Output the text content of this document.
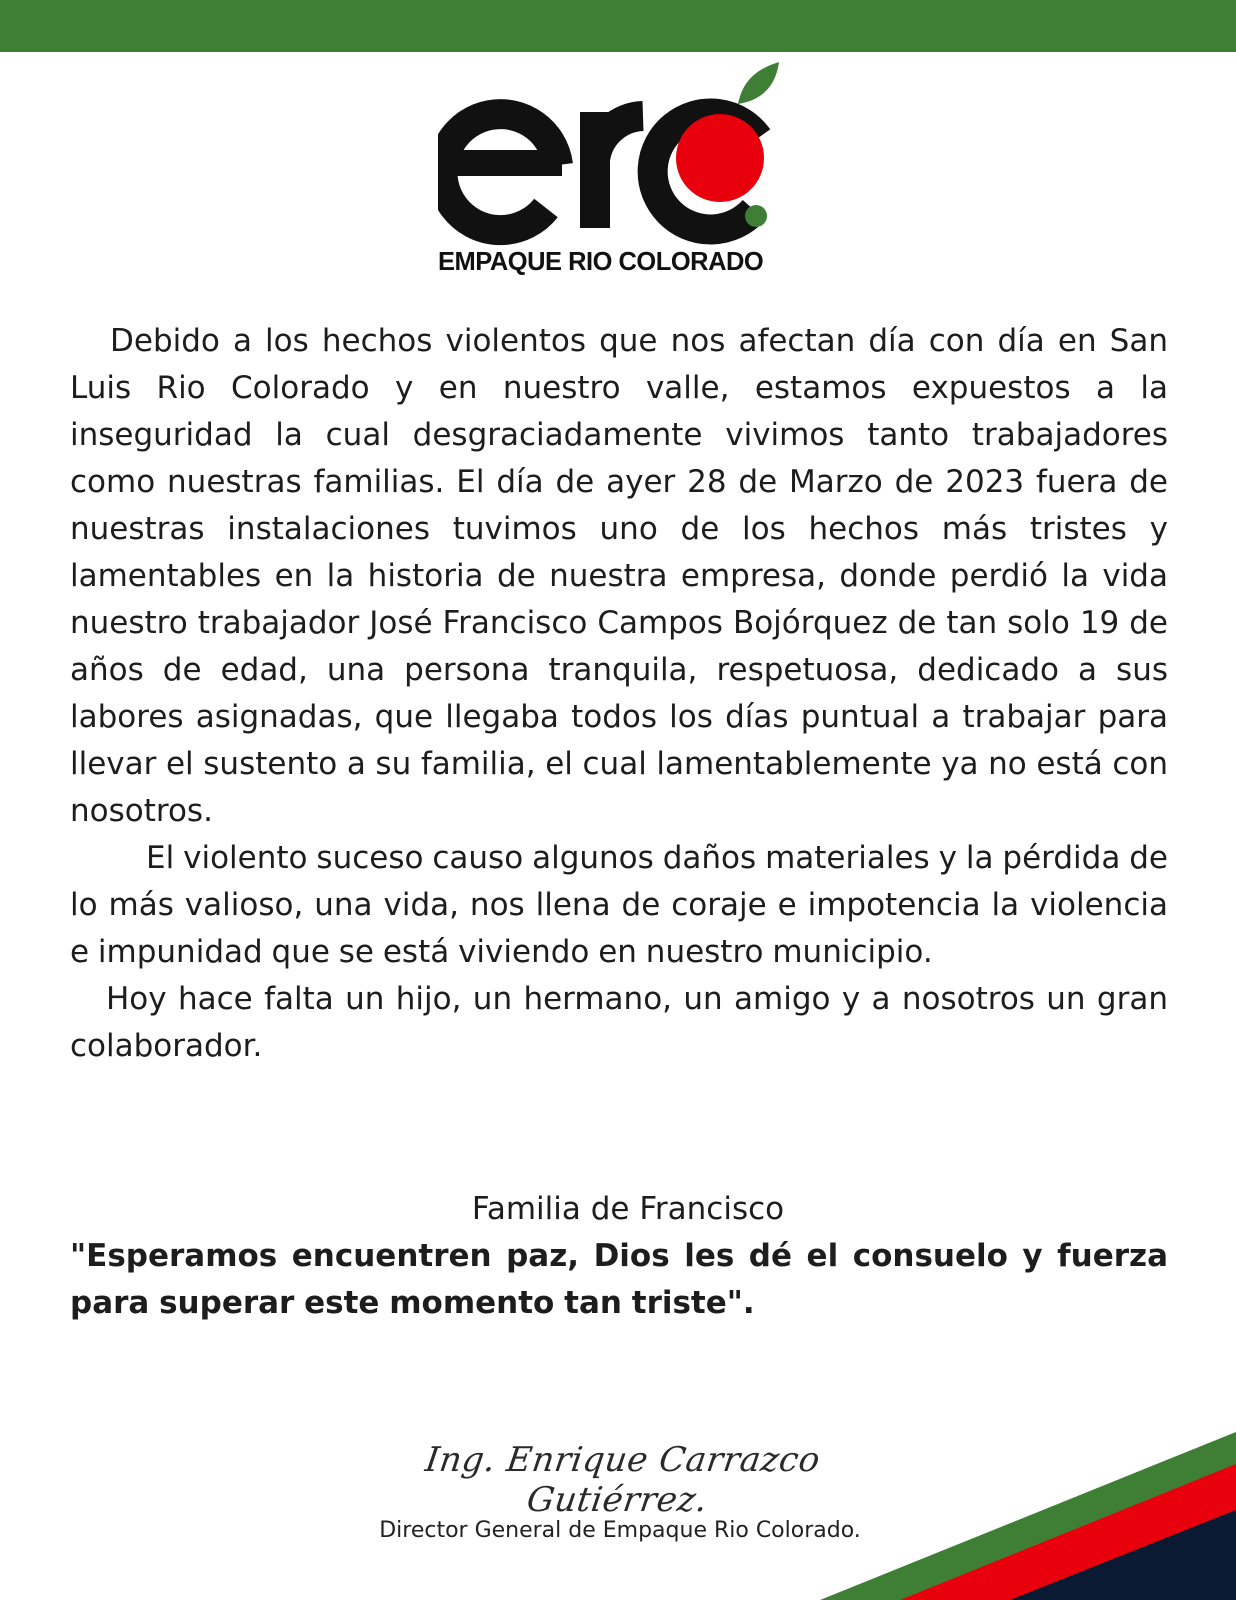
EMPAQUE RIO COLORADO

Debido a los hechos violentos que nos afectan día con día en San Luis Rio Colorado y en nuestro valle, estamos expuestos a la inseguridad la cual desgraciadamente vivimos tanto trabajadores como nuestras familias. El día de ayer 28 de Marzo de 2023 fuera de nuestras instalaciones tuvimos uno de los hechos más tristes y lamentables en la historia de nuestra empresa, donde perdió la vida nuestro trabajador José Francisco Campos Bojórquez de tan solo 19 de años de edad, una persona tranquila, respetuosa, dedicado a sus labores asignadas, que llegaba todos los días puntual a trabajar para llevar el sustento a su familia, el cual lamentablemente ya no está con nosotros.

El violento suceso causo algunos daños materiales y la pérdida de lo más valioso, una vida, nos llena de coraje e impotencia la violencia e impunidad que se está viviendo en nuestro municipio.

Hoy hace falta un hijo, un hermano, un amigo y a nosotros un gran colaborador.

Familia de Francisco

"Esperamos encuentren paz, Dios les dé el consuelo y fuerza para superar este momento tan triste".

Ing. Enrique Carrazco Gutiérrez.
Director General de Empaque Rio Colorado.
